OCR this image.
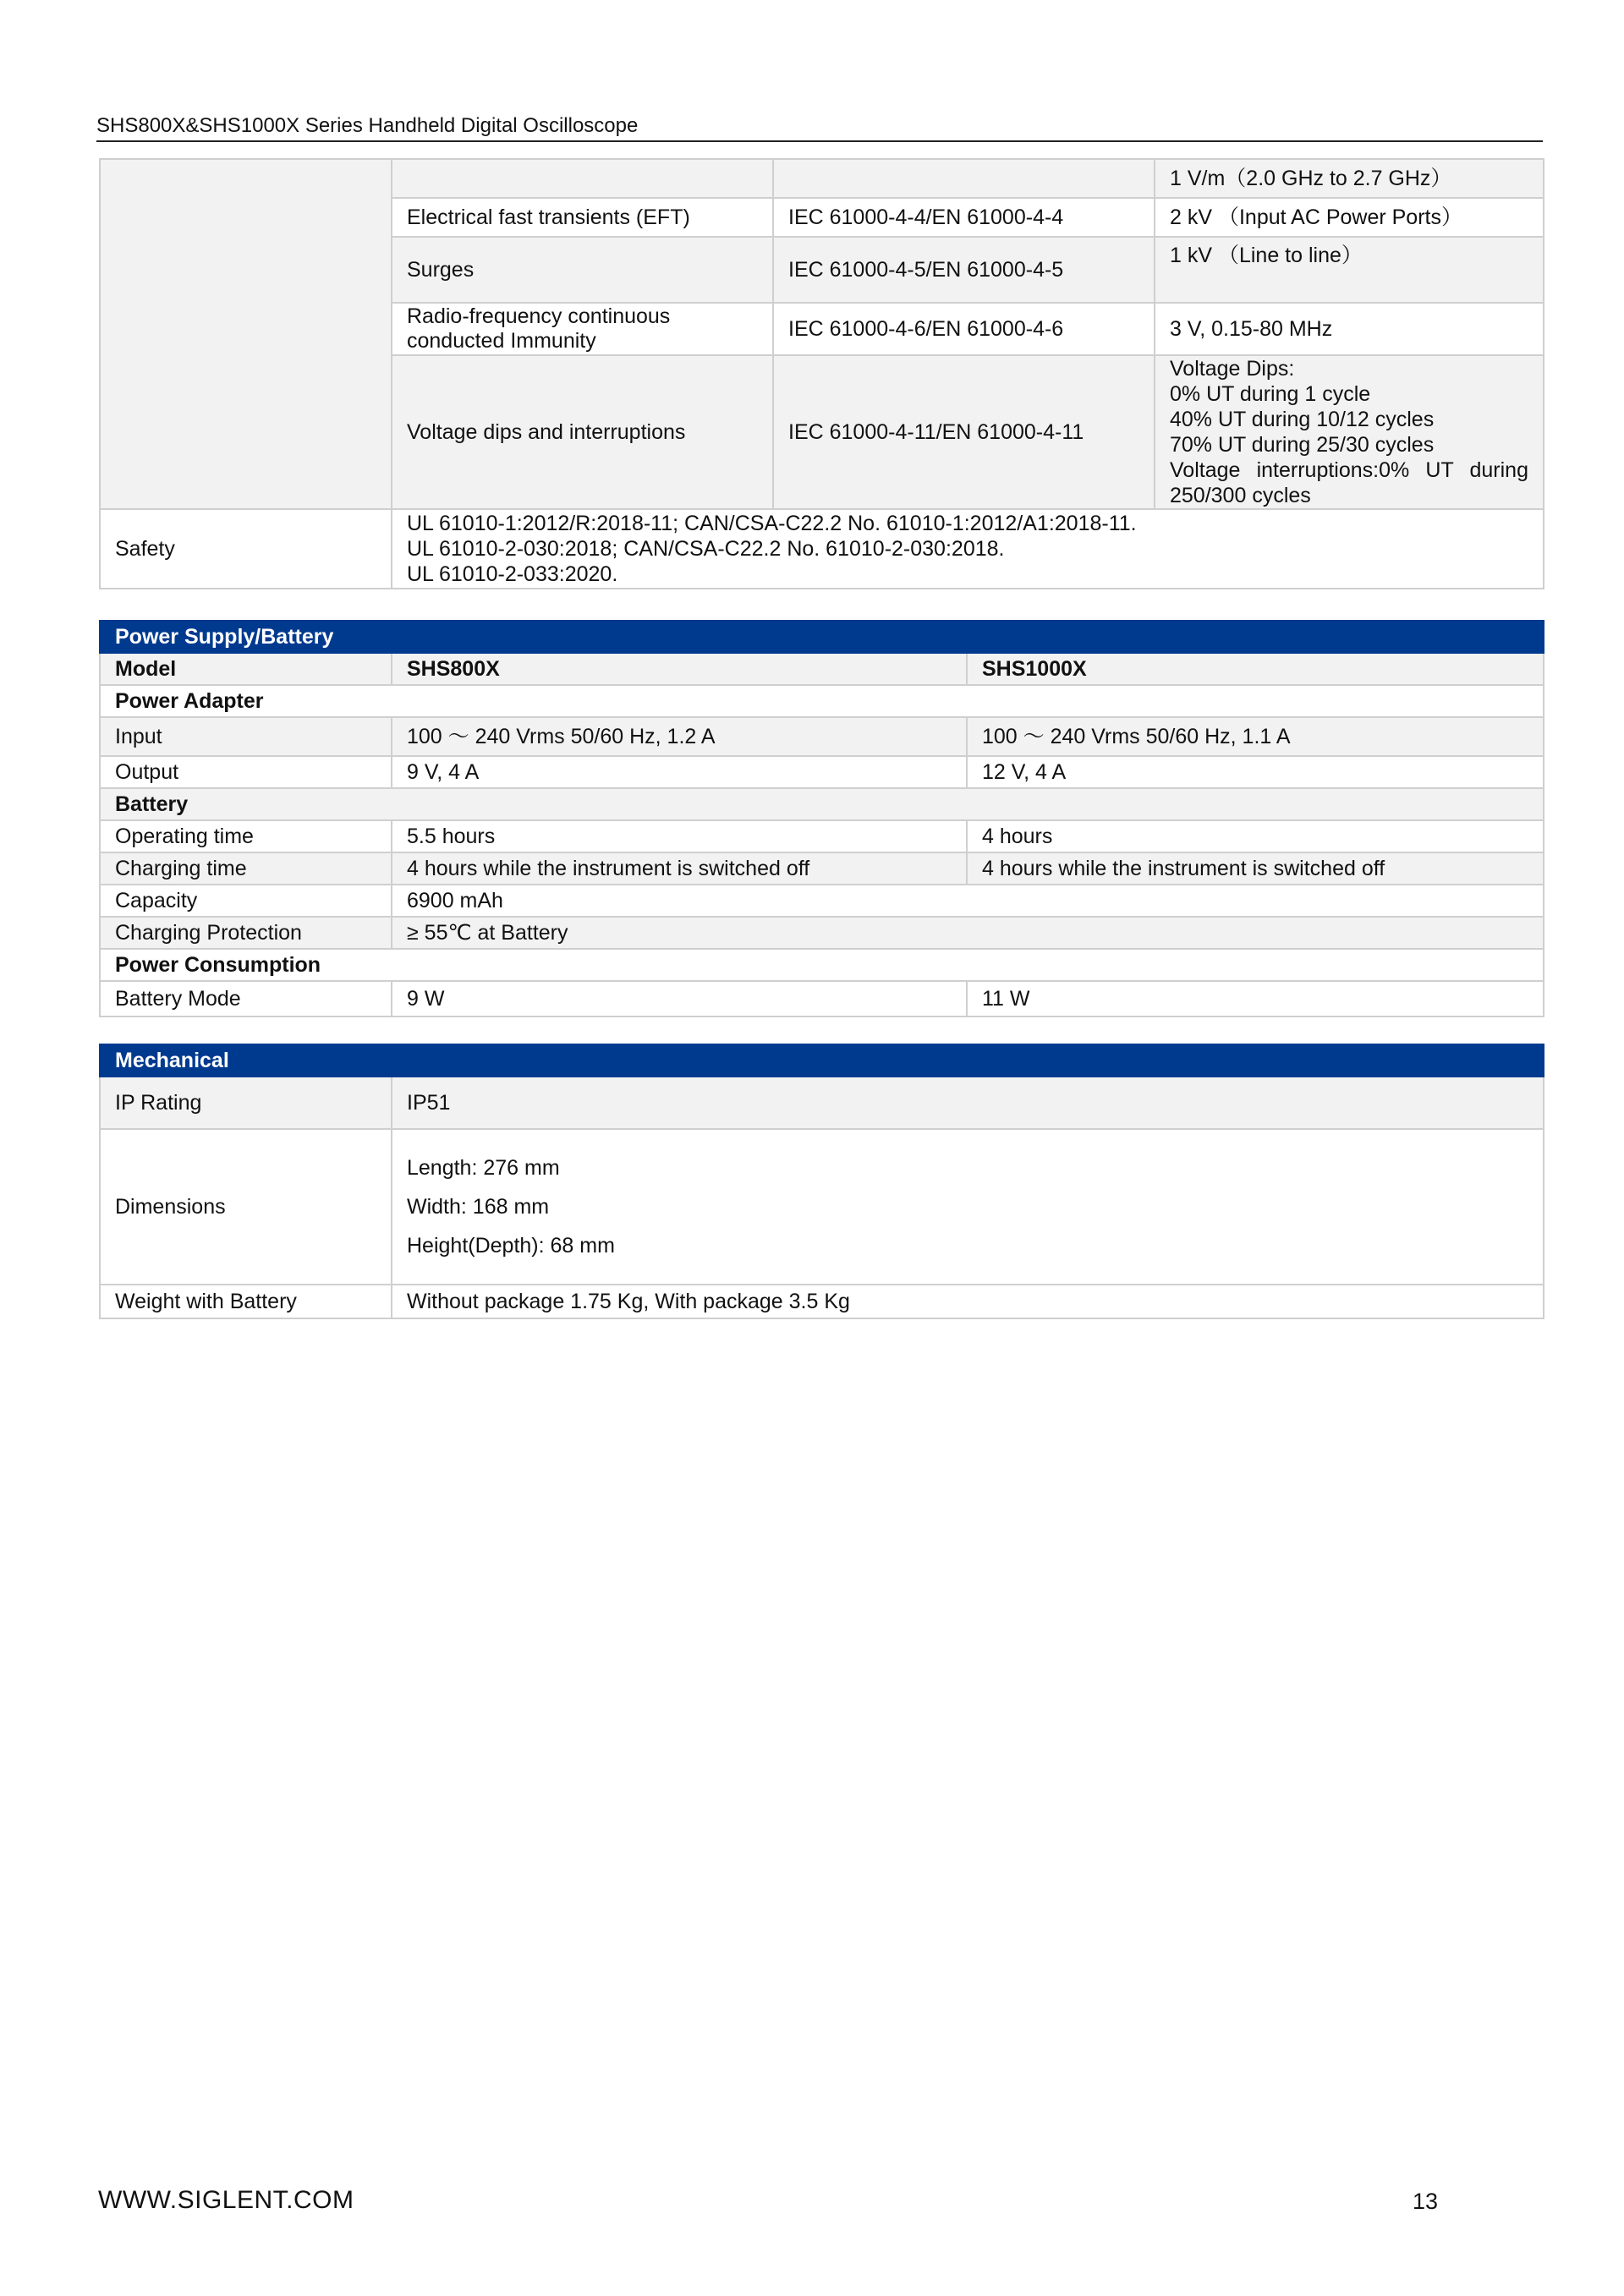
SHS800X&SHS1000X Series Handheld Digital Oscilloscope
			1 V/m（2.0 GHz to 2.7 GHz）
	Electrical fast transients (EFT)	IEC 61000-4-4/EN 61000-4-4	2 kV （Input AC Power Ports）
	Surges	IEC 61000-4-5/EN 61000-4-5	1 kV （Line to line）
	Radio-frequency continuous conducted Immunity	IEC 61000-4-6/EN 61000-4-6	3 V, 0.15-80 MHz
	Voltage dips and interruptions	IEC 61000-4-11/EN 61000-4-11	Voltage Dips:
0% UT during 1 cycle
40% UT during 10/12 cycles
70% UT during 25/30 cycles
Voltage interruptions:0% UT during 250/300 cycles

Safety	UL 61010-1:2012/R:2018-11; CAN/CSA-C22.2 No. 61010-1:2012/A1:2018-11.
UL 61010-2-030:2018; CAN/CSA-C22.2 No. 61010-2-030:2018.
UL 61010-2-033:2020.		
Power Supply/Battery		
Model	SHS800X	SHS1000X
Power Adapter		
Input	100 ～ 240 Vrms 50/60 Hz, 1.2 A	100 ～ 240 Vrms 50/60 Hz, 1.1 A
Output	9 V, 4 A	12 V, 4 A
Battery		
Operating time	5.5 hours	4 hours
Charging time	4 hours while the instrument is switched off	4 hours while the instrument is switched off
Capacity	6900 mAh	
Charging Protection	≥ 55℃ at Battery	
Power Consumption		
Battery Mode	9 W	11 W
Mechanical	
IP Rating	IP51
Dimensions	Length: 276 mm
Width: 168 mm
Height(Depth): 68 mm

Weight with Battery	Without package 1.75 Kg, With package 3.5 Kg
WWW.SIGLENT.COM	13
